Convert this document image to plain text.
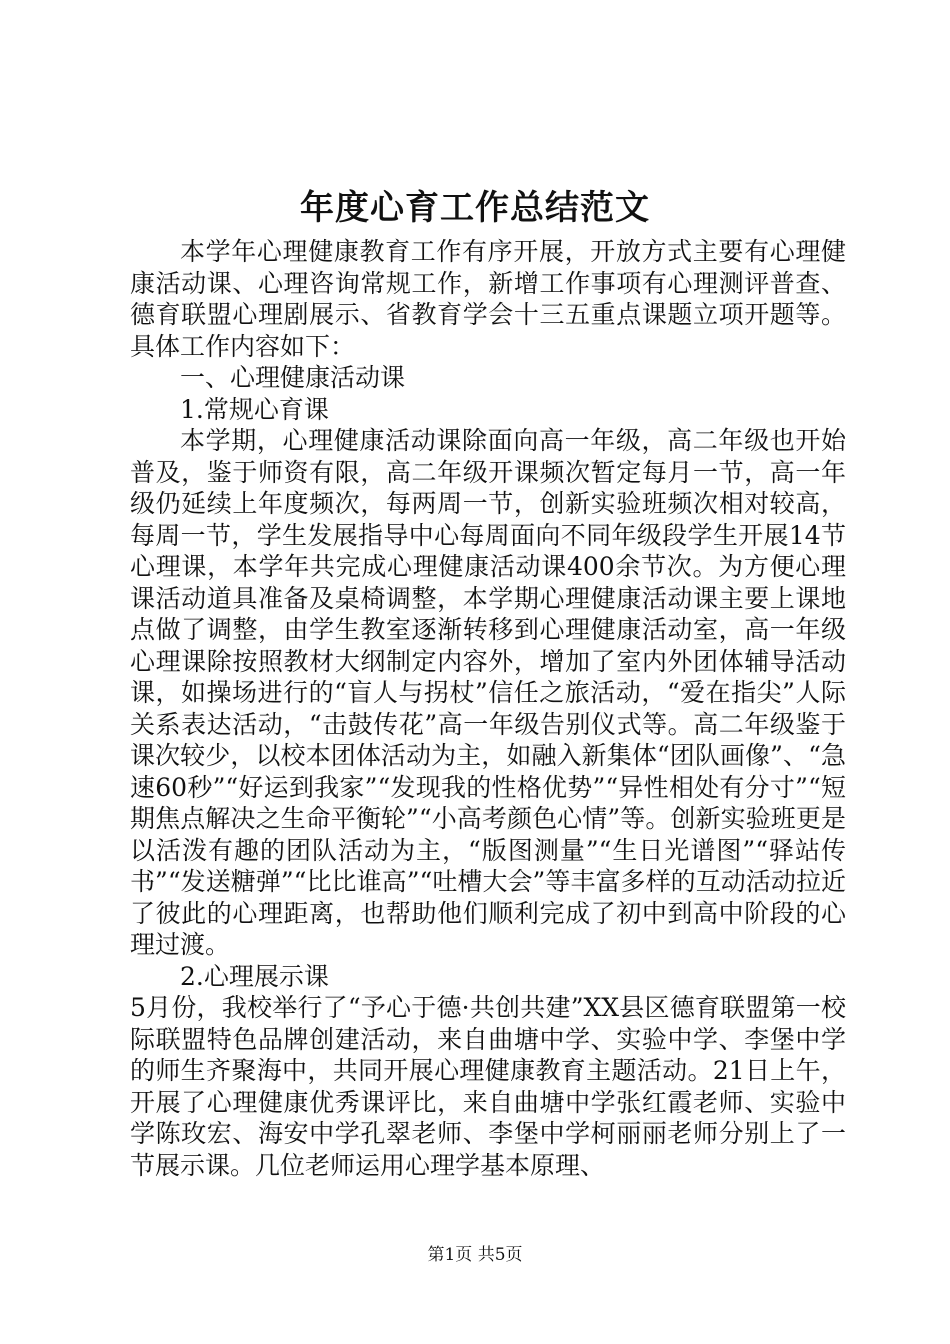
年度心育工作总结范文

本学年心理健康教育工作有序开展，开放方式主要有心理健康活动课、心理咨询常规工作，新增工作事项有心理测评普查、德育联盟心理剧展示、省教育学会十三五重点课题立项开题等。具体工作内容如下：

一、心理健康活动课

1.常规心育课

本学期，心理健康活动课除面向高一年级，高二年级也开始普及，鉴于师资有限，高二年级开课频次暂定每月一节，高一年级仍延续上年度频次，每两周一节，创新实验班频次相对较高，每周一节，学生发展指导中心每周面向不同年级段学生开展14节心理课，本学年共完成心理健康活动课400余节次。为方便心理课活动道具准备及桌椅调整，本学期心理健康活动课主要上课地点做了调整，由学生教室逐渐转移到心理健康活动室，高一年级心理课除按照教材大纲制定内容外，增加了室内外团体辅导活动课，如操场进行的“盲人与拐杖”信任之旅活动，“爱在指尖”人际关系表达活动，“击鼓传花”高一年级告别仪式等。高二年级鉴于课次较少，以校本团体活动为主，如融入新集体“团队画像”、“急速60秒”“好运到我家”“发现我的性格优势”“异性相处有分寸”“短期焦点解决之生命平衡轮”“小高考颜色心情”等。创新实验班更是以活泼有趣的团队活动为主，“版图测量”“生日光谱图”“驿站传书”“发送糖弹”“比比谁高”“吐槽大会”等丰富多样的互动活动拉近了彼此的心理距离，也帮助他们顺利完成了初中到高中阶段的心理过渡。

2.心理展示课

5月份，我校举行了“予心于德·共创共建”XX县区德育联盟第一校际联盟特色品牌创建活动，来自曲塘中学、实验中学、李堡中学的师生齐聚海中，共同开展心理健康教育主题活动。21日上午，开展了心理健康优秀课评比，来自曲塘中学张红霞老师、实验中学陈玫宏、海安中学孔翠老师、李堡中学柯丽丽老师分别上了一节展示课。几位老师运用心理学基本原理、

第1页 共5页
